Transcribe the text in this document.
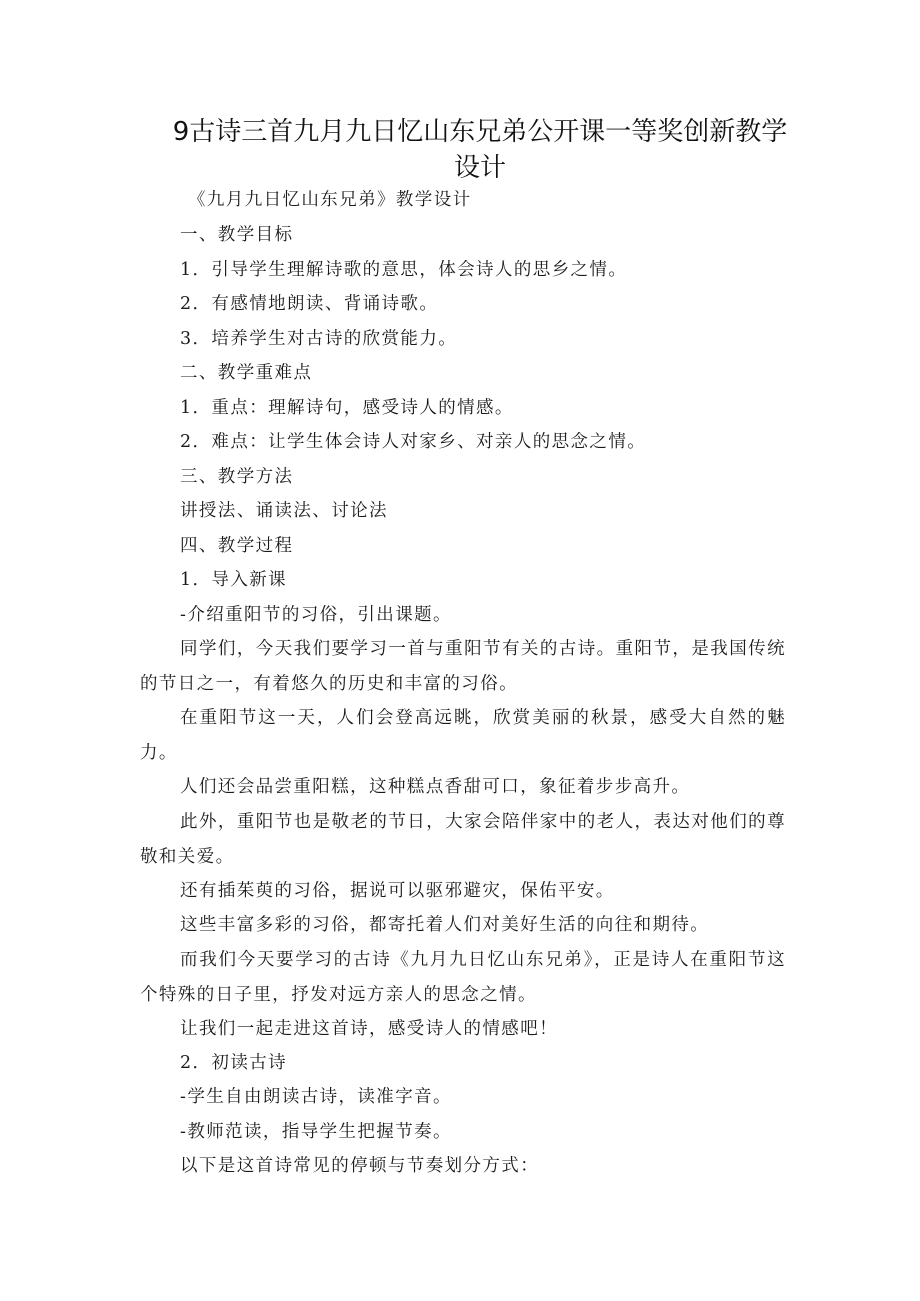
9古诗三首九月九日忆山东兄弟公开课一等奖创新教学
设计
《九月九日忆山东兄弟》教学设计
一、教学目标
1．引导学生理解诗歌的意思，体会诗人的思乡之情。
2．有感情地朗读、背诵诗歌。
3．培养学生对古诗的欣赏能力。
二、教学重难点
1．重点：理解诗句，感受诗人的情感。
2．难点：让学生体会诗人对家乡、对亲人的思念之情。
三、教学方法
讲授法、诵读法、讨论法
四、教学过程
1．导入新课
-介绍重阳节的习俗，引出课题。

同学们，今天我们要学习一首与重阳节有关的古诗。重阳节，是我国传统的节日之一，有着悠久的历史和丰富的习俗。

在重阳节这一天，人们会登高远眺，欣赏美丽的秋景，感受大自然的魅力。

人们还会品尝重阳糕，这种糕点香甜可口，象征着步步高升。

此外，重阳节也是敬老的节日，大家会陪伴家中的老人，表达对他们的尊敬和关爱。

还有插茱萸的习俗，据说可以驱邪避灾，保佑平安。

这些丰富多彩的习俗，都寄托着人们对美好生活的向往和期待。

而我们今天要学习的古诗《九月九日忆山东兄弟》，正是诗人在重阳节这个特殊的日子里，抒发对远方亲人的思念之情。

让我们一起走进这首诗，感受诗人的情感吧！

2．初读古诗
-学生自由朗读古诗，读准字音。
-教师范读，指导学生把握节奏。
以下是这首诗常见的停顿与节奏划分方式：
